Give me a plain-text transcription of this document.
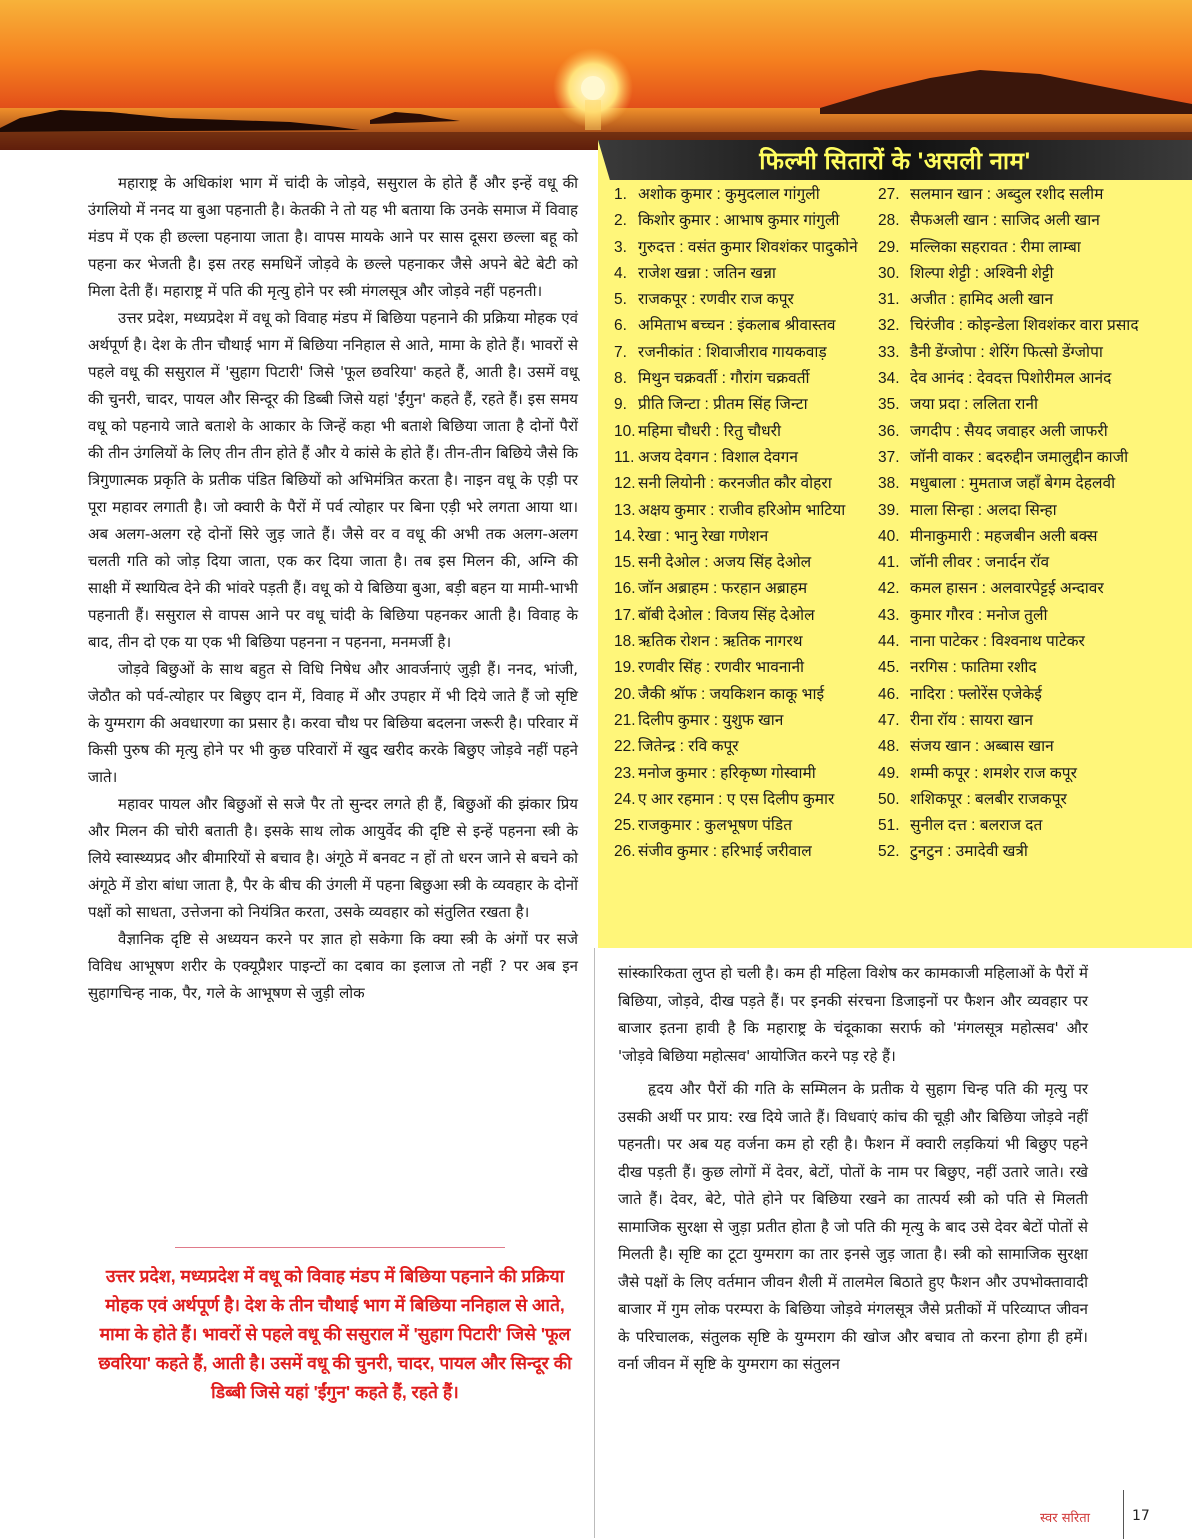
महाराष्ट्र के अधिकांश भाग में चांदी के जोड़वे, ससुराल के होते हैं और इन्हें वधू की उंगलियो में ननद या बुआ पहनाती है। केतकी ने तो यह भी बताया कि उनके समाज में विवाह मंडप में एक ही छल्ला पहनाया जाता है। वापस मायके आने पर सास दूसरा छल्ला बहू को पहना कर भेजती है। इस तरह समधिनें जोड़वे के छल्ले पहनाकर जैसे अपने बेटे बेटी को मिला देती हैं। महाराष्ट्र में पति की मृत्यु होने पर स्त्री मंगलसूत्र और जोड़वे नहीं पहनती।

उत्तर प्रदेश, मध्यप्रदेश में वधू को विवाह मंडप में बिछिया पहनाने की प्रक्रिया मोहक एवं अर्थपूर्ण है। देश के तीन चौथाई भाग में बिछिया ननिहाल से आते, मामा के होते हैं। भावरों से पहले वधू की ससुराल में 'सुहाग पिटारी' जिसे 'फूल छवरिया' कहते हैं, आती है। उसमें वधू की चुनरी, चादर, पायल और सिन्दूर की डिब्बी जिसे यहां 'ईंगुन' कहते हैं, रहते हैं। इस समय वधू को पहनाये जाते बताशे के आकार के जिन्हें कहा भी बताशे बिछिया जाता है दोनों पैरों की तीन उंगलियों के लिए तीन तीन होते हैं और ये कांसे के होते हैं। तीन-तीन बिछिये जैसे कि त्रिगुणात्मक प्रकृति के प्रतीक पंडित बिछियों को अभिमंत्रित करता है। नाइन वधू के एड़ी पर पूरा महावर लगाती है। जो क्वारी के पैरों में पर्व त्योहार पर बिना एड़ी भरे लगता आया था। अब अलग-अलग रहे दोनों सिरे जुड़ जाते हैं। जैसे वर व वधू की अभी तक अलग-अलग चलती गति को जोड़ दिया जाता, एक कर दिया जाता है। तब इस मिलन की, अग्नि की साक्षी में स्थायित्व देने की भांवरे पड़ती हैं। वधू को ये बिछिया बुआ, बड़ी बहन या मामी-भाभी पहनाती हैं। ससुराल से वापस आने पर वधू चांदी के बिछिया पहनकर आती है। विवाह के बाद, तीन दो एक या एक भी बिछिया पहनना न पहनना, मनमर्जी है।

जोड़वे बिछुओं के साथ बहुत से विधि निषेध और आवर्जनाएं जुड़ी हैं। ननद, भांजी, जेठौत को पर्व-त्योहार पर बिछुए दान में, विवाह में और उपहार में भी दिये जाते हैं जो सृष्टि के युग्मराग की अवधारणा का प्रसार है। करवा चौथ पर बिछिया बदलना जरूरी है। परिवार में किसी पुरुष की मृत्यु होने पर भी कुछ परिवारों में खुद खरीद करके बिछुए जोड़वे नहीं पहने जाते।

महावर पायल और बिछुओं से सजे पैर तो सुन्दर लगते ही हैं, बिछुओं की झंकार प्रिय और मिलन की चोरी बताती है। इसके साथ लोक आयुर्वेद की दृष्टि से इन्हें पहनना स्त्री के लिये स्वास्थ्यप्रद और बीमारियों से बचाव है। अंगूठे में बनवट न हों तो धरन जाने से बचने को अंगूठे में डोरा बांधा जाता है, पैर के बीच की उंगली में पहना बिछुआ स्त्री के व्यवहार के दोनों पक्षों को साधता, उत्तेजना को नियंत्रित करता, उसके व्यवहार को संतुलित रखता है।

वैज्ञानिक दृष्टि से अध्ययन करने पर ज्ञात हो सकेगा कि क्या स्त्री के अंगों पर सजे विविध आभूषण शरीर के एक्यूप्रैशर पाइन्टों का दबाव का इलाज तो नहीं ? पर अब इन सुहागचिन्ह नाक, पैर, गले के आभूषण से जुड़ी लोक

उत्तर प्रदेश, मध्यप्रदेश में वधू को विवाह मंडप में बिछिया पहनाने की प्रक्रिया मोहक एवं अर्थपूर्ण है। देश के तीन चौथाई भाग में बिछिया ननिहाल से आते, मामा के होते हैं। भावरों से पहले वधू की ससुराल में 'सुहाग पिटारी' जिसे 'फूल छवरिया' कहते हैं, आती है। उसमें वधू की चुनरी, चादर, पायल और सिन्दूर की डिब्बी जिसे यहां 'ईंगुन' कहते हैं, रहते हैं।
फिल्मी सितारों के 'असली नाम'
1. अशोक कुमार : कुमुदलाल गांगुली
2. किशोर कुमार : आभाष कुमार गांगुली
3. गुरुदत्त : वसंत कुमार शिवशंकर पादुकोने
4. राजेश खन्ना : जतिन खन्ना
5. राजकपूर : रणवीर राज कपूर
6. अमिताभ बच्चन : इंकलाब श्रीवास्तव
7. रजनीकांत : शिवाजीराव गायकवाड़
8. मिथुन चक्रवर्ती : गौरांग चक्रवर्ती
9. प्रीति जिन्टा : प्रीतम सिंह जिन्टा
10. महिमा चौधरी : रितु चौधरी
11. अजय देवगन : विशाल देवगन
12. सनी लियोनी : करनजीत कौर वोहरा
13. अक्षय कुमार : राजीव हरिओम भाटिया
14. रेखा : भानु रेखा गणेशन
15. सनी देओल : अजय सिंह देओल
16. जॉन अब्राहम : फरहान अब्राहम
17. बॉबी देओल : विजय सिंह देओल
18. ऋतिक रोशन : ऋतिक नागरथ
19. रणवीर सिंह : रणवीर भावनानी
20. जैकी श्रॉफ : जयकिशन काकू भाई
21. दिलीप कुमार : युशुफ खान
22. जितेन्द्र : रवि कपूर
23. मनोज कुमार : हरिकृष्ण गोस्वामी
24. ए आर रहमान : ए एस दिलीप कुमार
25. राजकुमार : कुलभूषण पंडित
26. संजीव कुमार : हरिभाई जरीवाल
27. सलमान खान : अब्दुल रशीद सलीम
28. सैफअली खान : साजिद अली खान
29. मल्लिका सहरावत : रीमा लाम्बा
30. शिल्पा शेट्टी : अश्विनी शेट्टी
31. अजीत : हामिद अली खान
32. चिरंजीव : कोइन्डेला शिवशंकर वारा प्रसाद
33. डैनी डेंग्जोपा : शेरिंग फित्सो डेंग्जोपा
34. देव आनंद : देवदत्त पिशोरीमल आनंद
35. जया प्रदा : ललिता रानी
36. जगदीप : सैयद जवाहर अली जाफरी
37. जॉनी वाकर : बदरुद्दीन जमालुद्दीन काजी
38. मधुबाला : मुमताज जहाँ बेगम देहलवी
39. माला सिन्हा : अलदा सिन्हा
40. मीनाकुमारी : महजबीन अली बक्स
41. जॉनी लीवर : जनार्दन रॉव
42. कमल हासन : अलवारपेट्टई अन्दावर
43. कुमार गौरव : मनोज तुली
44. नाना पाटेकर : विश्वनाथ पाटेकर
45. नरगिस : फातिमा रशीद
46. नादिरा : फ्लोरेंस एजेकेई
47. रीना रॉय : सायरा खान
48. संजय खान : अब्बास खान
49. शम्मी कपूर : शमशेर राज कपूर
50. शशिकपूर : बलबीर राजकपूर
51. सुनील दत्त : बलराज दत
52. टुनटुन : उमादेवी खत्री

सांस्कारिकता लुप्त हो चली है। कम ही महिला विशेष कर कामकाजी महिलाओं के पैरों में बिछिया, जोड़वे, दीख पड़ते हैं। पर इनकी संरचना डिजाइनों पर फैशन और व्यवहार पर बाजार इतना हावी है कि महाराष्ट्र के चंदूकाका सरार्फ को 'मंगलसूत्र महोत्सव' और 'जोड़वे बिछिया महोत्सव' आयोजित करने पड़ रहे हैं।

हृदय और पैरों की गति के सम्मिलन के प्रतीक ये सुहाग चिन्ह पति की मृत्यु पर उसकी अर्थी पर प्राय: रख दिये जाते हैं। विधवाएं कांच की चूड़ी और बिछिया जोड़वे नहीं पहनती। पर अब यह वर्जना कम हो रही है। फैशन में क्वारी लड़कियां भी बिछुए पहने दीख पड़ती हैं। कुछ लोगों में देवर, बेटों, पोतों के नाम पर बिछुए, नहीं उतारे जाते। रखे जाते हैं। देवर, बेटे, पोते होने पर बिछिया रखने का तात्पर्य स्त्री को पति से मिलती सामाजिक सुरक्षा से जुड़ा प्रतीत होता है जो पति की मृत्यु के बाद उसे देवर बेटों पोतों से मिलती है। सृष्टि का टूटा युग्मराग का तार इनसे जुड़ जाता है। स्त्री को सामाजिक सुरक्षा जैसे पक्षों के लिए वर्तमान जीवन शैली में तालमेल बिठाते हुए फैशन और उपभोक्तावादी बाजार में गुम लोक परम्परा के बिछिया जोड़वे मंगलसूत्र जैसे प्रतीकों में परिव्याप्त जीवन के परिचालक, संतुलक सृष्टि के युग्मराग की खोज और बचाव तो करना होगा ही हमें। वर्ना जीवन में सृष्टि के युग्मराग का संतुलन

स्वर सरिता	17
